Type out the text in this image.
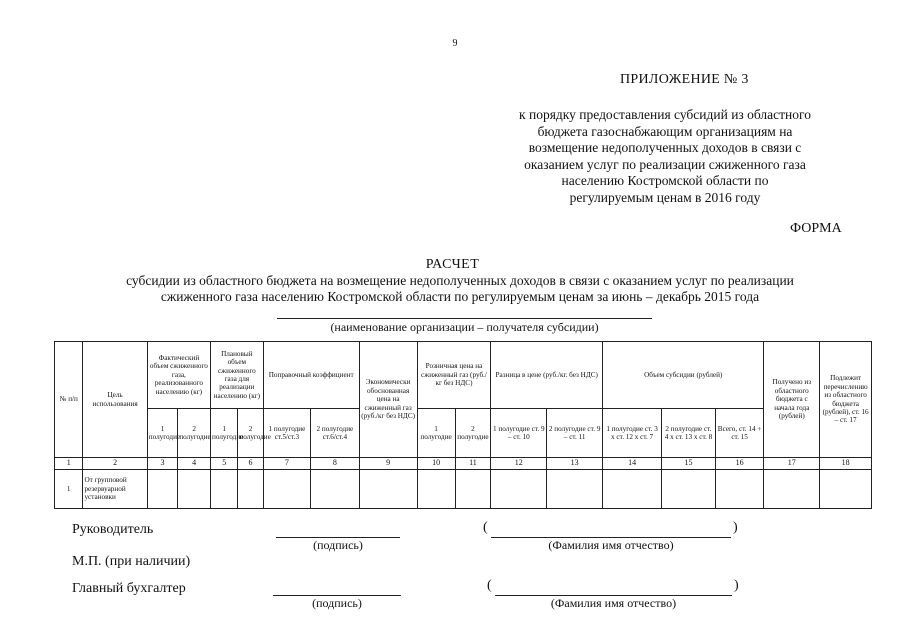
9
ПРИЛОЖЕНИЕ № 3
к порядку предоставления субсидий из областного
бюджета газоснабжающим организациям на
возмещение недополученных доходов в связи с
оказанием услуг по реализации сжиженного газа
населению Костромской области по
регулируемым ценам в 2016 году
ФОРМА
РАСЧЕТ
субсидии из областного бюджета на возмещение недополученных доходов в связи с оказанием услуг по реализации
сжиженного газа населению Костромской области по регулируемым ценам за июнь – декабрь 2015 года
(наименование организации – получателя субсидии)
№ п/п	Цель использования	Фактический объем сжиженного газа, реализованного населению (кг)		Плановый объем сжиженного газа для реализации населению (кг)		Поправочный коэффициент		Экономически обоснованная цена на сжиженный газ (руб./кг без НДС)	Розничная цена на сжиженный газ (руб./кг без НДС)		Разница в цене (руб./кг. без НДС)		Объем субсидии (рублей)			Получено из областного бюджета с начала года (рублей)	Подлежит перечислению из областного бюджета (рублей), ст. 16 – ст. 17
		1 полугодие	2 полугодие	1 полугодие	2 полугодие	1 полугодие ст.5/ст.3	2 полугодие ст.6/ст.4		1 полугодие	2 полугодие	1 полугодие ст. 9 – ст. 10	2 полугодие ст. 9 – ст. 11	1 полугодие ст. 3 x ст. 12 x ст. 7	2 полугодие ст. 4 x ст. 13 x ст. 8	Всего, ст. 14 + ст. 15		
1	2	3	4	5	6	7	8	9	10	11	12	13	14	15	16	17	18
1	От групповой резервуарной установки																
Руководитель
(подпись)
(	)
(Фамилия имя отчество)
М.П. (при наличии)
Главный бухгалтер
(подпись)
(	)
(Фамилия имя отчество)
